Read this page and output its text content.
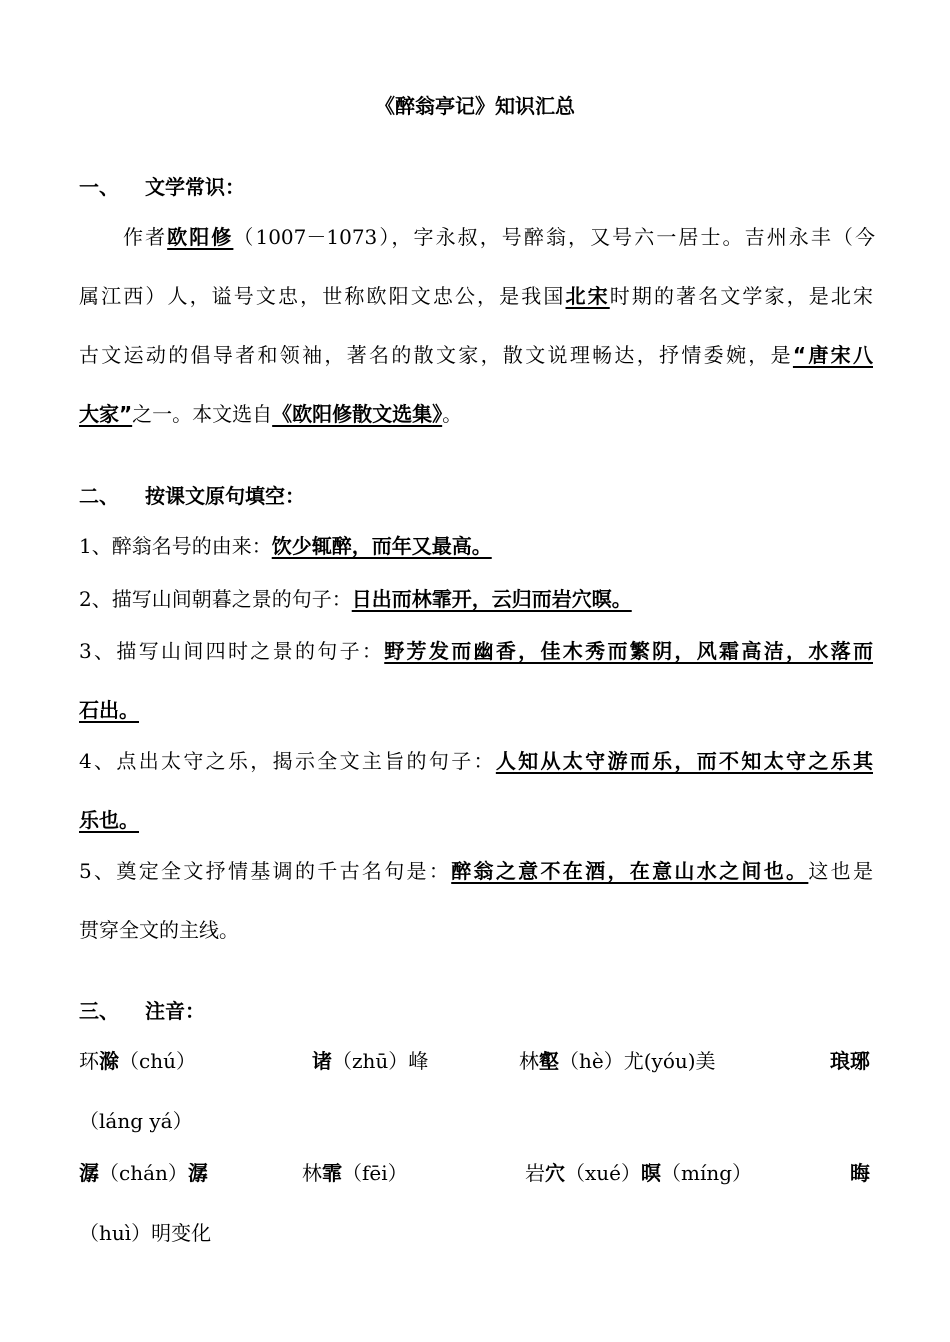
《醉翁亭记》知识汇总
一、 文学常识：
作者欧阳修（1007－1073），字永叔，号醉翁，又号六一居士。吉州永丰（今
属江西）人，谥号文忠，世称欧阳文忠公，是我国北宋时期的著名文学家，是北宋
古文运动的倡导者和领袖，著名的散文家，散文说理畅达，抒情委婉，是“唐宋八
大家”之一。本文选自《欧阳修散文选集》。
二、 按课文原句填空：
1、醉翁名号的由来：饮少辄醉，而年又最高。
2、描写山间朝暮之景的句子：日出而林霏开，云归而岩穴暝。
3、描写山间四时之景的句子：野芳发而幽香，佳木秀而繁阴，风霜高洁，水落而
石出。
4、点出太守之乐，揭示全文主旨的句子：人知从太守游而乐，而不知太守之乐其
乐也。
5、奠定全文抒情基调的千古名句是：醉翁之意不在酒，在意山水之间也。这也是
贯穿全文的主线。
三、 注音：
环滁（chú）	诸（zhū）峰	林壑（hè）尤(yóu)美	琅琊
（láng yá）
潺（chán）潺	林霏（fēi）	岩穴（xué）暝（míng）	晦
（huì）明变化
